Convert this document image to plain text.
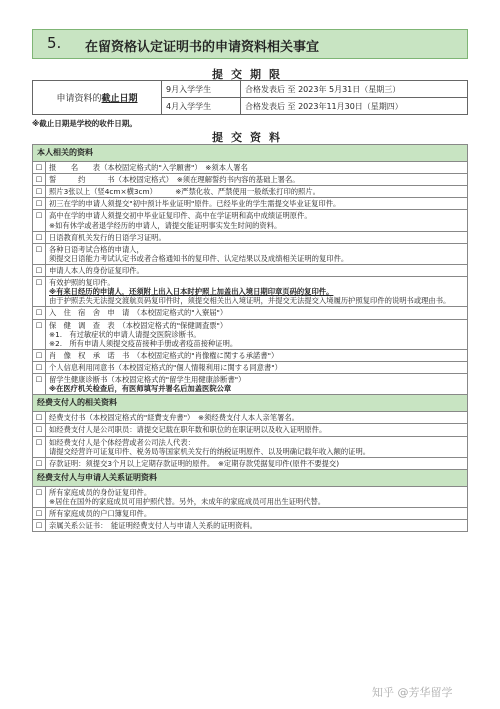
5. 在留资格认定证明书的申请资料相关事宜
提交期限
申请资料的截止日期	9月入学学生	合格发表后 至 2023年 5月31日（星期三）
	4月入学学生	合格发表后 至 2023年11月30日（星期四）
※截止日期是学校的收件日期。
提交资料
本人相关的资料	
☐	报　　名　　表（本校固定格式的"入学願書"）　※须本人署名

☐	誓　　　约　　　书（本校固定格式）　※须在理解誓约书内容的基础上署名。

☐	照片3张以上（竖4cm×横3cm）　　　※严禁化妆、严禁使用一般纸张打印的照片。

☐	初三在学的申请人须提交"初中预计毕业证明"原件。已经毕业的学生需提交毕业证复印件。

☐	高中在学的申请人须提交初中毕业证复印件、高中在学证明和高中成绩证明原件。
※如有休学或者退学经历的申请人，请提交能证明事实发生时间的资料。

☐	日语教育机关发行的日语学习证明。

☐	各种日语考试合格的申请人，
须提交日语能力考试认定书或者合格通知书的复印件、认定结果以及成绩相关证明的复印件。

☐	申请人本人的身份证复印件。

☐	有效护照的复印件。
※有来日经历的申请人，还须附上出入日本时护照上加盖出入境日期印章页码的复印件。
由于护照丢失无法提交渡航页码复印件时，须提交相关出入境证明，并提交无法提交入境履历护照复印件的说明书或理由书。

☐	入　住　宿　舍　申　请　（本校固定格式的"入寮届"）

☐	保　健　调　查　表　（本校固定格式的"保健调査票"）
※1.　有过敏症状的申请人请提交医院诊断书。
※2.　所有申请人须提交疫苗接种手册或者疫苗接种证明。

☐	肖　像　权　承　诺　书　（本校固定格式的"肖像権に関する承諾書"）

☐	个人信息利用同意书（本校固定格式的"個人情報利用に関する同意書"）

☐	留学生健康诊断书（本校固定格式的"留学生用健康診断書"）
※在医疗机关检查后，有医师填写并署名后加盖医院公章

经费支付人的相关资料	
☐	经费支付书（本校固定格式的"経費支弁書"）　※须经费支付人本人亲笔署名。

☐	如经费支付人是公司职员：请提交记载在职年数和职位的在职证明以及收入证明原件。

☐	如经费支付人是个体经营或者公司法人代表：
请提交经营许可证复印件、税务局等国家机关发行的纳税证明原件、以及明确记载年收入额的证明。

☐	存款证明：须提交3个月以上定期存款证明的原件。　※定期存款凭据复印件(原件不要提交)

经费支付人与申请人关系证明资料	
☐	所有家庭成员的身份证复印件。
※居住在国外的家庭成员可用护照代替。另外，未成年的家庭成员可用出生证明代替。

☐	所有家庭成员的户口簿复印件。

☐	亲属关系公证书：　能证明经费支付人与申请人关系的证明资料。
知乎 @芳华留学
